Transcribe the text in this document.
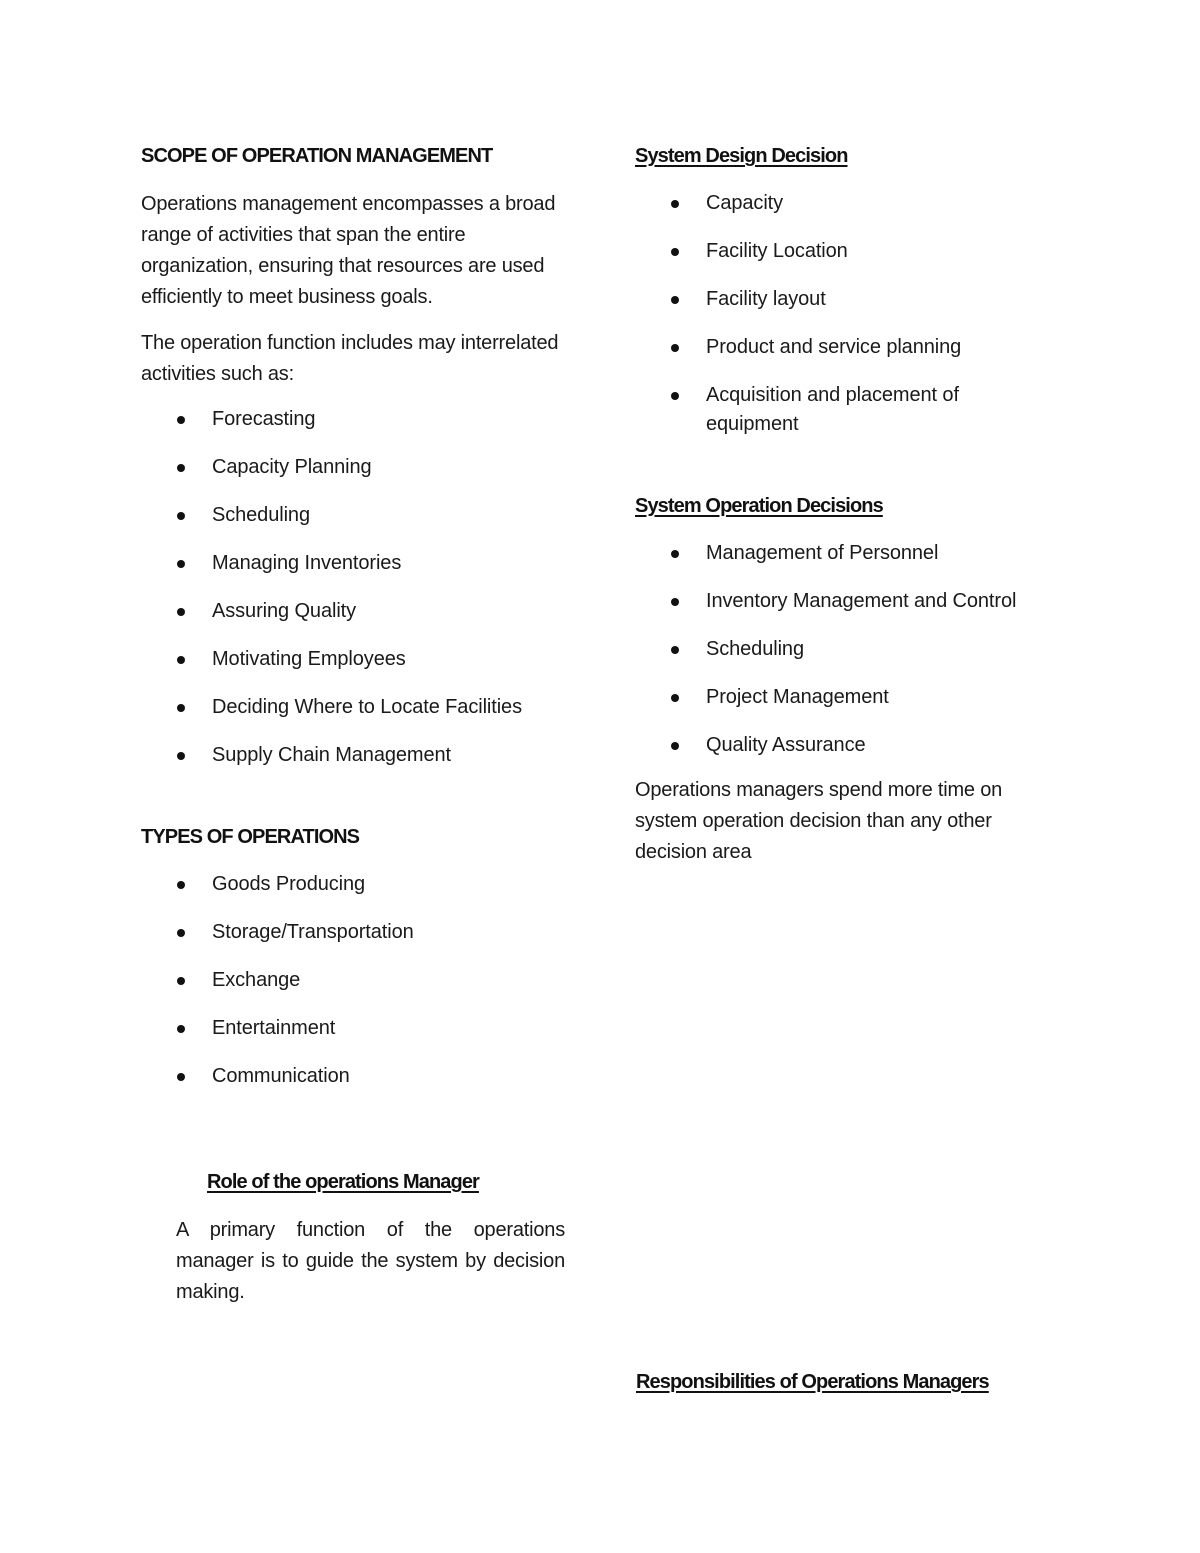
SCOPE OF OPERATION MANAGEMENT

Operations management encompasses a broad range of activities that span the entire organization, ensuring that resources are used efficiently to meet business goals.

The operation function includes may interrelated activities such as:

Forecasting
Capacity Planning
Scheduling
Managing Inventories
Assuring Quality
Motivating Employees
Deciding Where to Locate Facilities
Supply Chain Management
TYPES OF OPERATIONS
Goods Producing
Storage/Transportation
Exchange
Entertainment
Communication
Role of the operations Manager

A primary function of the operations manager is to guide the system by decision making.

System Design Decision
Capacity
Facility Location
Facility layout
Product and service planning
Acquisition and placement of equipment
System Operation Decisions
Management of Personnel
Inventory Management and Control
Scheduling
Project Management
Quality Assurance

Operations managers spend more time on system operation decision than any other decision area

Responsibilities of Operations Managers
